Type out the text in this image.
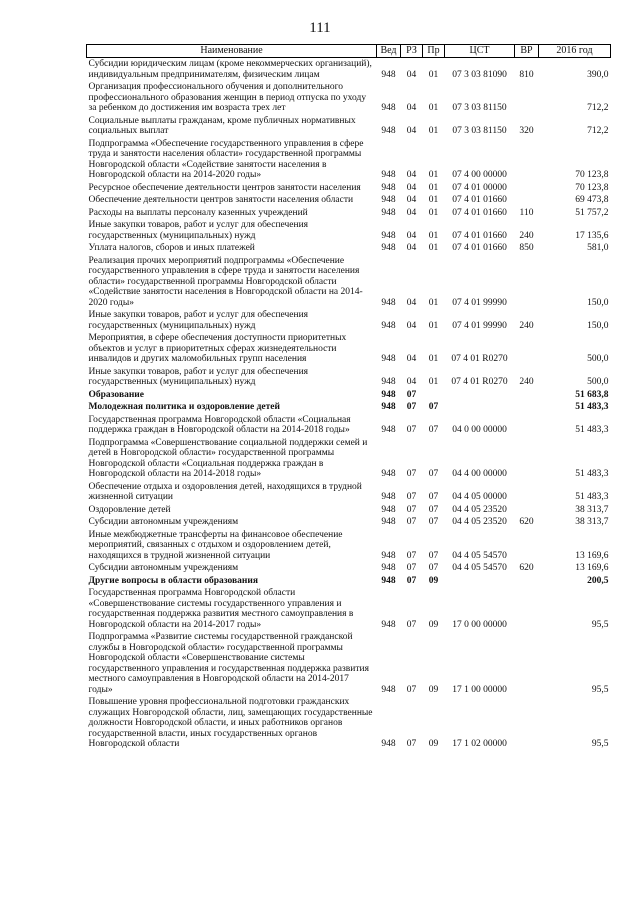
111
Наименование	Вед	РЗ	Пр	ЦСТ	ВР	2016 год
Субсидии юридическим лицам (кроме некоммерческих организаций), индивидуальным предпринимателям, физическим лицам	948	04	01	07 3 03 81090	810	390,0
Организация профессионального обучения и дополнительного профессионального образования женщин в период отпуска по уходу за ребенком до достижения им возраста трех лет	948	04	01	07 3 03 81150		712,2
Социальные выплаты гражданам, кроме публичных нормативных социальных выплат	948	04	01	07 3 03 81150	320	712,2
Подпрограмма «Обеспечение государственного управления в сфере труда и занятости населения области» государственной программы Новгородской области «Содействие занятости населения в Новгородской области на 2014-2020 годы»	948	04	01	07 4 00 00000		70 123,8
Ресурсное обеспечение деятельности центров занятости населения	948	04	01	07 4 01 00000		70 123,8
Обеспечение деятельности центров занятости населения области	948	04	01	07 4 01 01660		69 473,8
Расходы на выплаты персоналу казенных учреждений	948	04	01	07 4 01 01660	110	51 757,2
Иные закупки товаров, работ и услуг для обеспечения государственных (муниципальных) нужд	948	04	01	07 4 01 01660	240	17 135,6
Уплата налогов, сборов и иных платежей	948	04	01	07 4 01 01660	850	581,0
Реализация прочих мероприятий подпрограммы «Обеспечение государственного управления в сфере труда и занятости населения области» государственной программы Новгородской области «Содействие занятости населения в Новгородской области на 2014-2020 годы»	948	04	01	07 4 01 99990		150,0
Иные закупки товаров, работ и услуг для обеспечения государственных (муниципальных) нужд	948	04	01	07 4 01 99990	240	150,0
Мероприятия, в сфере обеспечения доступности приоритетных объектов и услуг в приоритетных сферах жизнедеятельности инвалидов и других маломобильных групп населения	948	04	01	07 4 01 R0270		500,0
Иные закупки товаров, работ и услуг для обеспечения государственных (муниципальных) нужд	948	04	01	07 4 01 R0270	240	500,0
Образование	948	07				51 683,8
Молодежная политика и оздоровление детей	948	07	07			51 483,3
Государственная программа Новгородской области «Социальная поддержка граждан в Новгородской области на 2014-2018 годы»	948	07	07	04 0 00 00000		51 483,3
Подпрограмма «Совершенствование социальной поддержки семей и детей в Новгородской области» государственной программы Новгородской области «Социальная поддержка граждан в Новгородской области на 2014-2018 годы»	948	07	07	04 4 00 00000		51 483,3
Обеспечение отдыха и оздоровления детей, находящихся в трудной жизненной ситуации	948	07	07	04 4 05 00000		51 483,3
Оздоровление детей	948	07	07	04 4 05 23520		38 313,7
Субсидии автономным учреждениям	948	07	07	04 4 05 23520	620	38 313,7
Иные межбюджетные трансферты на финансовое обеспечение мероприятий, связанных с отдыхом и оздоровлением детей, находящихся в трудной жизненной ситуации	948	07	07	04 4 05 54570		13 169,6
Субсидии автономным учреждениям	948	07	07	04 4 05 54570	620	13 169,6
Другие вопросы в области образования	948	07	09			200,5
Государственная программа Новгородской области «Совершенствование системы государственного управления и государственная поддержка развития местного самоуправления в Новгородской области на 2014-2017 годы»	948	07	09	17 0 00 00000		95,5
Подпрограмма «Развитие системы государственной гражданской службы в Новгородской области» государственной программы Новгородской области «Совершенствование системы государственного управления и государственная поддержка развития местного самоуправления в Новгородской области на 2014-2017 годы»	948	07	09	17 1 00 00000		95,5
Повышение уровня профессиональной подготовки гражданских служащих Новгородской области, лиц, замещающих государственные должности Новгородской области, и иных работников органов государственной власти, иных государственных органов Новгородской области	948	07	09	17 1 02 00000		95,5
